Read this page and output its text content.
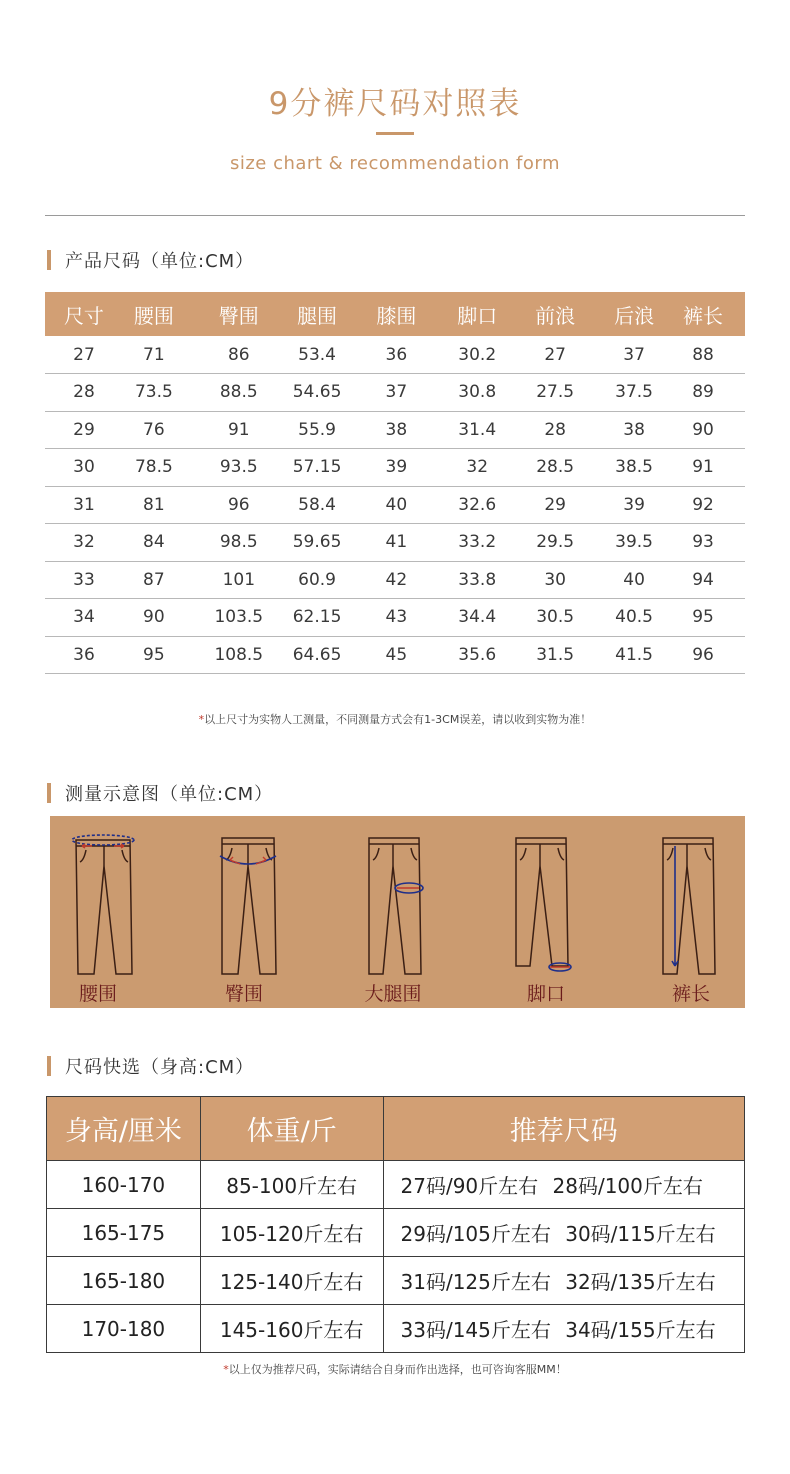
9分裤尺码对照表
size chart & recommendation form
产品尺码（单位:CM）
尺寸	腰围	臀围	腿围	膝围	脚口	前浪	后浪	裤长
27	71	86	53.4	36	30.2	27	37	88
28	73.5	88.5	54.65	37	30.8	27.5	37.5	89
29	76	91	55.9	38	31.4	28	38	90
30	78.5	93.5	57.15	39	32	28.5	38.5	91
31	81	96	58.4	40	32.6	29	39	92
32	84	98.5	59.65	41	33.2	29.5	39.5	93
33	87	101	60.9	42	33.8	30	40	94
34	90	103.5	62.15	43	34.4	30.5	40.5	95
36	95	108.5	64.65	45	35.6	31.5	41.5	96
*以上尺寸为实物人工测量，不同测量方式会有1-3CM误差，请以收到实物为准！
测量示意图（单位:CM）
腰围	臀围	大腿围	脚口	裤长
尺码快选（身高:CM）
身高/厘米	体重/斤	推荐尺码
160-170	85-100斤左右	27码/90斤左右 28码/100斤左右
165-175	105-120斤左右	29码/105斤左右 30码/115斤左右
165-180	125-140斤左右	31码/125斤左右 32码/135斤左右
170-180	145-160斤左右	33码/145斤左右 34码/155斤左右
*以上仅为推荐尺码，实际请结合自身而作出选择，也可咨询客服MM！
